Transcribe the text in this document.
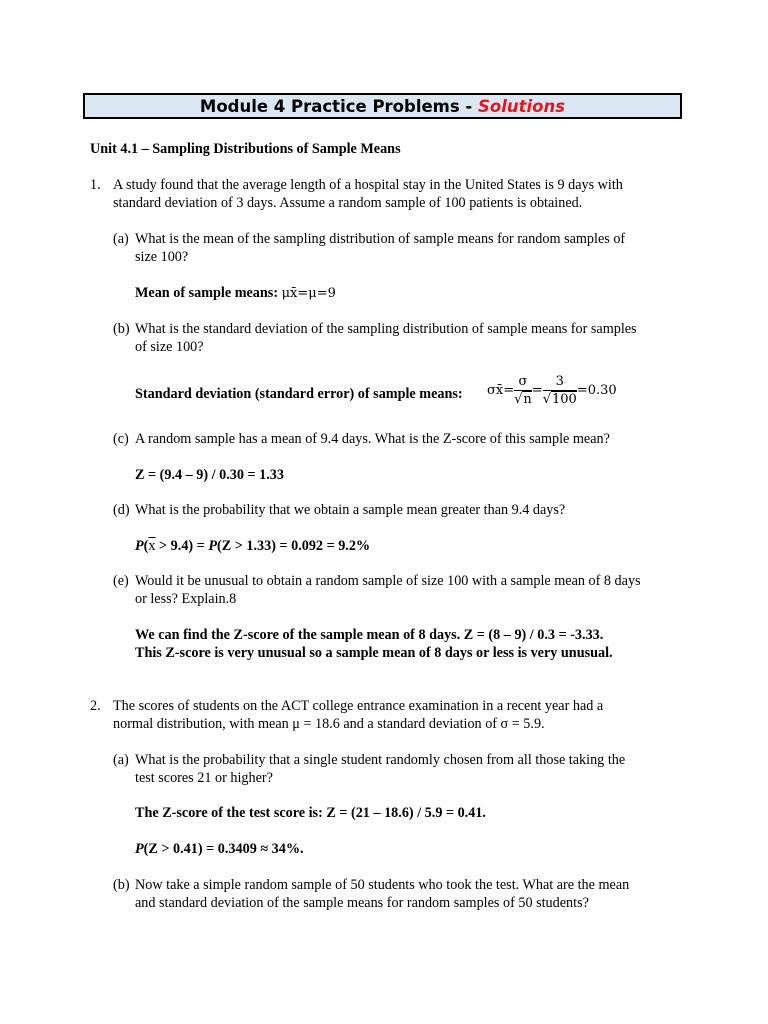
Module 4 Practice Problems - Solutions
Unit 4.1 – Sampling Distributions of Sample Means
1. A study found that the average length of a hospital stay in the United States is 9 days with
standard deviation of 3 days. Assume a random sample of 100 patients is obtained.
(a) What is the mean of the sampling distribution of sample means for random samples of
size 100?
Mean of sample means: μx̄=μ=9
(b) What is the standard deviation of the sampling distribution of sample means for samples
of size 100?
Standard deviation (standard error) of sample means: σx̄= $\frac{\sigma}{√n} = \frac{3}{√100} =0.30$
(c) A random sample has a mean of 9.4 days. What is the Z-score of this sample mean?
Z = (9.4 – 9) / 0.30 = 1.33
(d) What is the probability that we obtain a sample mean greater than 9.4 days?
$P(\overline{x} > 9.4) = P(Z > 1.33) = 0.092 = 9.2\%$
(e) Would it be unusual to obtain a random sample of size 100 with a sample mean of 8 days
or less? Explain.8
We can find the Z-score of the sample mean of 8 days. Z = (8 – 9) / 0.3 = -3.33.
This Z-score is very unusual so a sample mean of 8 days or less is very unusual.
2. The scores of students on the ACT college entrance examination in a recent year had a
normal distribution, with mean μ = 18.6 and a standard deviation of σ = 5.9.
(a) What is the probability that a single student randomly chosen from all those taking the
test scores 21 or higher?
The Z-score of the test score is: Z = (21 – 18.6) / 5.9 = 0.41.
P(Z > 0.41) = 0.3409 ≈ 34%.
(b) Now take a simple random sample of 50 students who took the test. What are the mean
and standard deviation of the sample means for random samples of 50 students?
